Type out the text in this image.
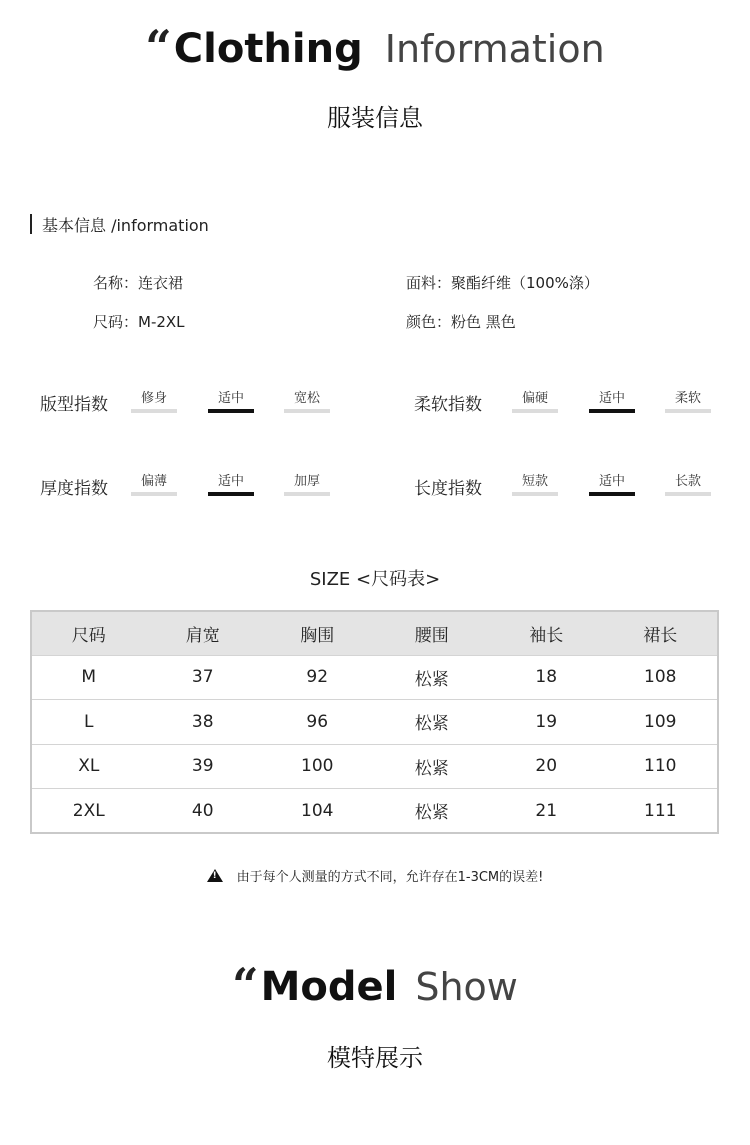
“Clothing Information
服装信息
基本信息 /information
名称：连衣裙	面料：聚酯纤维（100%涤）
尺码：M-2XL	颜色：粉色 黑色
版型指数	修身	适中	宽松	柔软指数	偏硬	适中	柔软
厚度指数	偏薄	适中	加厚	长度指数	短款	适中	长款
SIZE <尺码表>
尺码	肩宽	胸围	腰围	袖长	裙长
M	37	92	松紧	18	108
L	38	96	松紧	19	109
XL	39	100	松紧	20	110
2XL	40	104	松紧	21	111
!由于每个人测量的方式不同，允许存在1-3CM的误差!
“Model Show
模特展示
